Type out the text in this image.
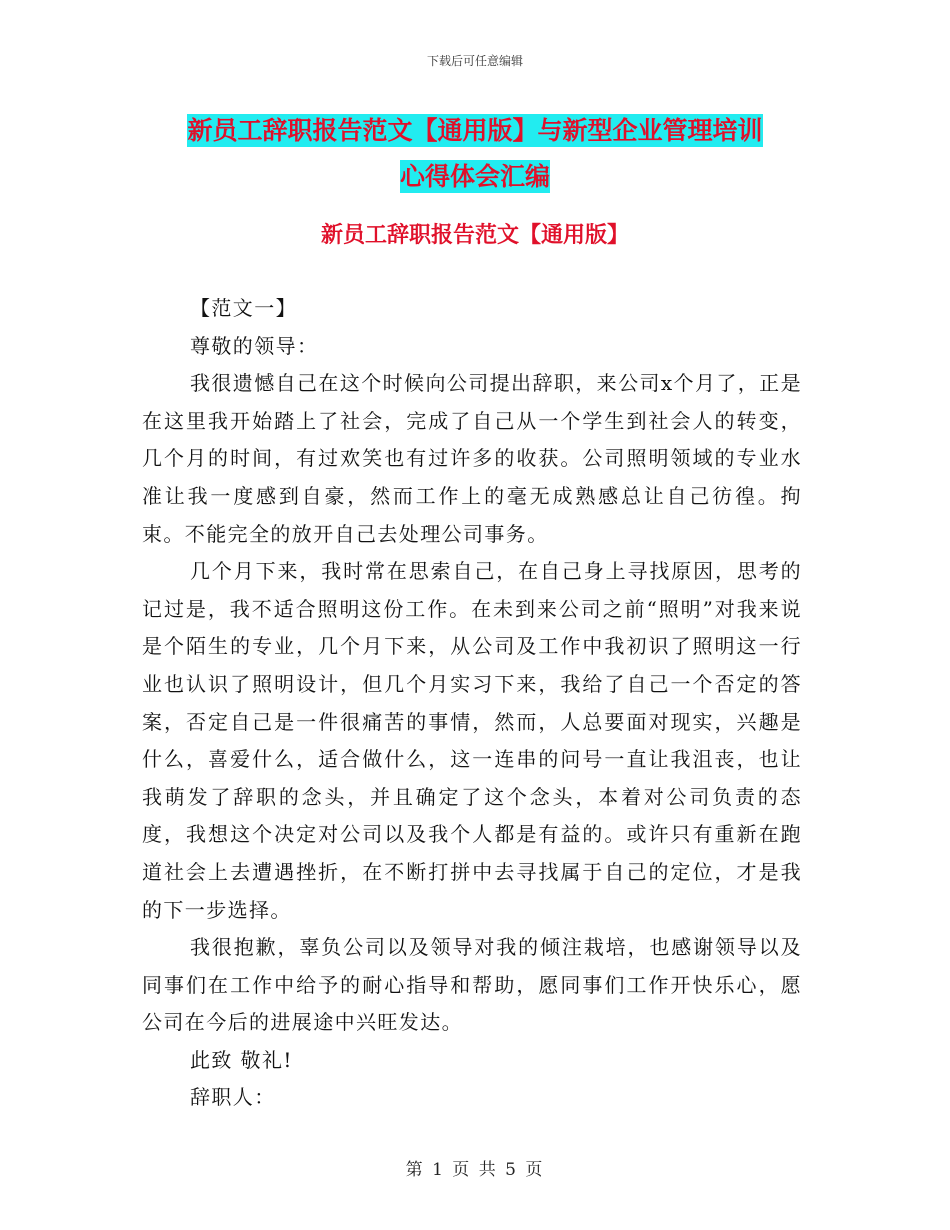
下载后可任意编辑
新员工辞职报告范文【通用版】与新型企业管理培训
心得体会汇编
新员工辞职报告范文【通用版】

【范文一】

尊敬的领导：

我很遗憾自己在这个时候向公司提出辞职，来公司x个月了，正是在这里我开始踏上了社会，完成了自己从一个学生到社会人的转变，几个月的时间，有过欢笑也有过许多的收获。公司照明领域的专业水准让我一度感到自豪，然而工作上的毫无成熟感总让自己彷徨。拘束。不能完全的放开自己去处理公司事务。

几个月下来，我时常在思索自己，在自己身上寻找原因，思考的记过是，我不适合照明这份工作。在未到来公司之前“照明”对我来说是个陌生的专业，几个月下来，从公司及工作中我初识了照明这一行业也认识了照明设计，但几个月实习下来，我给了自己一个否定的答案，否定自己是一件很痛苦的事情，然而，人总要面对现实，兴趣是什么，喜爱什么，适合做什么，这一连串的问号一直让我沮丧，也让我萌发了辞职的念头，并且确定了这个念头，本着对公司负责的态度，我想这个决定对公司以及我个人都是有益的。或许只有重新在跑道社会上去遭遇挫折，在不断打拼中去寻找属于自己的定位，才是我的下一步选择。

我很抱歉，辜负公司以及领导对我的倾注栽培，也感谢领导以及同事们在工作中给予的耐心指导和帮助，愿同事们工作开快乐心，愿公司在今后的进展途中兴旺发达。

此致 敬礼!

辞职人：

第 1 页 共 5 页
